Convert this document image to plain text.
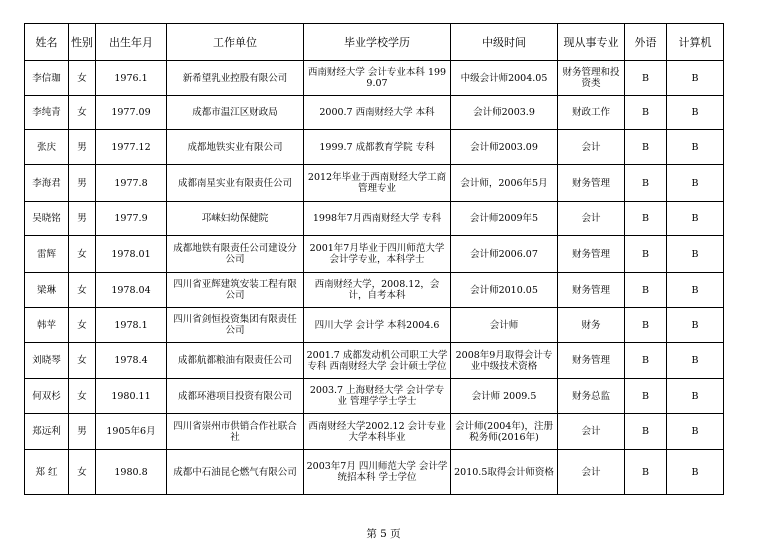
姓名	性别	出生年月	工作单位	毕业学校学历	中级时间	现从事专业	外语	计算机
李信珈	女	1976.1	新希望乳业控股有限公司	西南财经大学 会计专业本科 1999.07	中级会计师2004.05	财务管理和投资类	B	B
李纯青	女	1977.09	成都市温江区财政局	2000.7 西南财经大学 本科	会计师2003.9	财政工作	B	B
张庆	男	1977.12	成都地铁实业有限公司	1999.7 成都教育学院 专科	会计师2003.09	会计	B	B
李海君	男	1977.8	成都南星实业有限责任公司	2012年毕业于西南财经大学工商管理专业	会计师，2006年5月	财务管理	B	B
吴晓铭	男	1977.9	邛崃妇幼保健院	1998年7月西南财经大学 专科	会计师2009年5	会计	B	B
雷辉	女	1978.01	成都地铁有限责任公司建设分公司	2001年7月毕业于四川师范大学会计学专业，本科学士	会计师2006.07	财务管理	B	B
梁琳	女	1978.04	四川省亚辉建筑安装工程有限公司	西南财经大学，2008.12，会计，自考本科	会计师2010.05	财务管理	B	B
韩苹	女	1978.1	四川省剑恒投资集团有限责任公司	四川大学 会计学 本科2004.6	会计师	财务	B	B
刘晓琴	女	1978.4	成都航都粮油有限责任公司	2001.7 成都发动机公司职工大学 专科 西南财经大学 会计硕士学位	2008年9月取得会计专业中级技术资格	财务管理	B	B
何双杉	女	1980.11	成都环港项目投资有限公司	2003.7 上海财经大学 会计学专业 管理学学士学士	会计师 2009.5	财务总监	B	B
郑远利	男	1905年6月	四川省崇州市供销合作社联合社	西南财经大学2002.12 会计专业 大学本科毕业	会计师(2004年)，注册税务师(2016年)	会计	B	B
郑 红	女	1980.8	成都中石油昆仑燃气有限公司	2003年7月 四川师范大学 会计学 统招本科 学士学位	2010.5取得会计师资格	会计	B	B
第 5 页
